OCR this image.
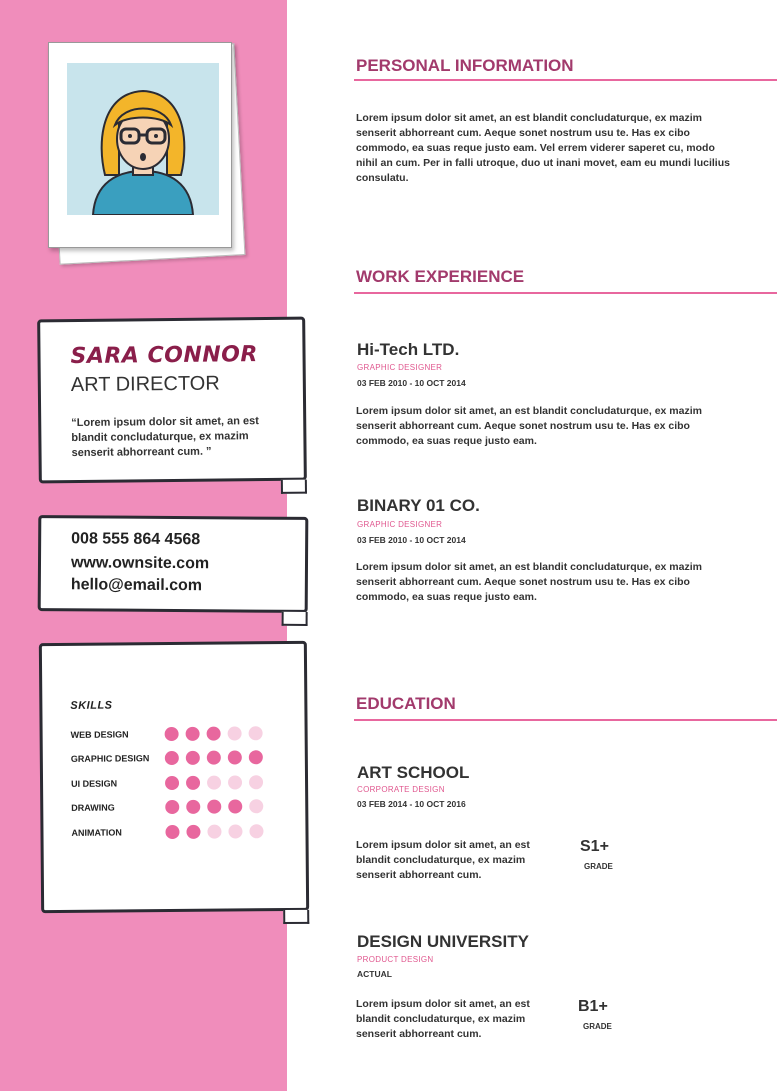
SARA CONNOR
ART DIRECTOR
“Lorem ipsum dolor sit amet, an est blandit concludaturque, ex mazim senserit abhorreant cum. ”
008 555 864 4568
www.ownsite.com
hello@email.com
SKILLS
WEB DESIGN
GRAPHIC DESIGN
UI DESIGN
DRAWING
ANIMATION
PERSONAL INFORMATION
Lorem ipsum dolor sit amet, an est blandit concludaturque, ex mazim senserit abhorreant cum. Aeque sonet nostrum usu te. Has ex cibo commodo, ea suas reque justo eam. Vel errem viderer saperet cu, modo nihil an cum. Per in falli utroque, duo ut inani movet, eam eu mundi lucilius consulatu.
WORK EXPERIENCE
Hi-Tech LTD.
GRAPHIC DESIGNER
03 FEB 2010 - 10 OCT 2014
Lorem ipsum dolor sit amet, an est blandit concludaturque, ex mazim senserit abhorreant cum. Aeque sonet nostrum usu te. Has ex cibo commodo, ea suas reque justo eam.
BINARY 01 CO.
GRAPHIC DESIGNER
03 FEB 2010 - 10 OCT 2014
Lorem ipsum dolor sit amet, an est blandit concludaturque, ex mazim senserit abhorreant cum. Aeque sonet nostrum usu te. Has ex cibo commodo, ea suas reque justo eam.
EDUCATION
ART SCHOOL
CORPORATE DESIGN
03 FEB 2014 - 10 OCT 2016
Lorem ipsum dolor sit amet, an est blandit concludaturque, ex mazim senserit abhorreant cum.
S1+
GRADE
DESIGN UNIVERSITY
PRODUCT DESIGN
ACTUAL
Lorem ipsum dolor sit amet, an est blandit concludaturque, ex mazim senserit abhorreant cum.
B1+
GRADE
